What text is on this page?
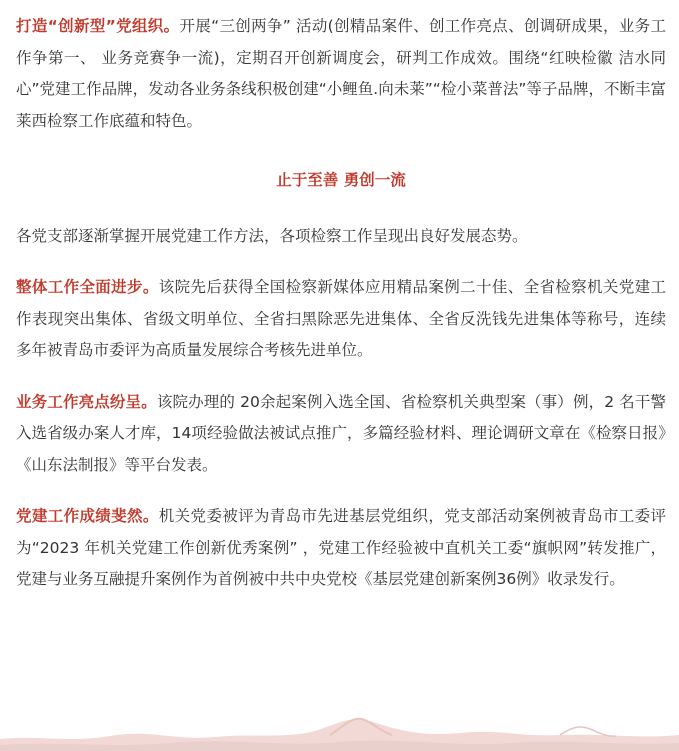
打造“创新型”党组织。开展“三创两争” 活动(创精品案件、创工作亮点、创调研成果，业务工作争第一、 业务竞赛争一流)，定期召开创新调度会，研判工作成效。围绕“红映检徽 洁水同心”党建工作品牌，发动各业务条线积极创建“小鲤鱼.向未莱”“检小菜普法”等子品牌，不断丰富莱西检察工作底蕴和特色。

止于至善 勇创一流

各党支部逐渐掌握开展党建工作方法，各项检察工作呈现出良好发展态势。

整体工作全面进步。该院先后获得全国检察新媒体应用精品案例二十佳、全省检察机关党建工作表现突出集体、省级文明单位、全省扫黑除恶先进集体、全省反洗钱先进集体等称号，连续多年被青岛市委评为高质量发展综合考核先进单位。

业务工作亮点纷呈。该院办理的 20余起案例入选全国、省检察机关典型案（事）例，2 名干警入选省级办案人才库，14项经验做法被试点推广，多篇经验材料、理论调研文章在《检察日报》《山东法制报》等平台发表。

党建工作成绩斐然。机关党委被评为青岛市先进基层党组织，党支部活动案例被青岛市工委评为“2023 年机关党建工作创新优秀案例” ，党建工作经验被中直机关工委“旗帜网”转发推广，党建与业务互融提升案例作为首例被中共中央党校《基层党建创新案例36例》收录发行。
